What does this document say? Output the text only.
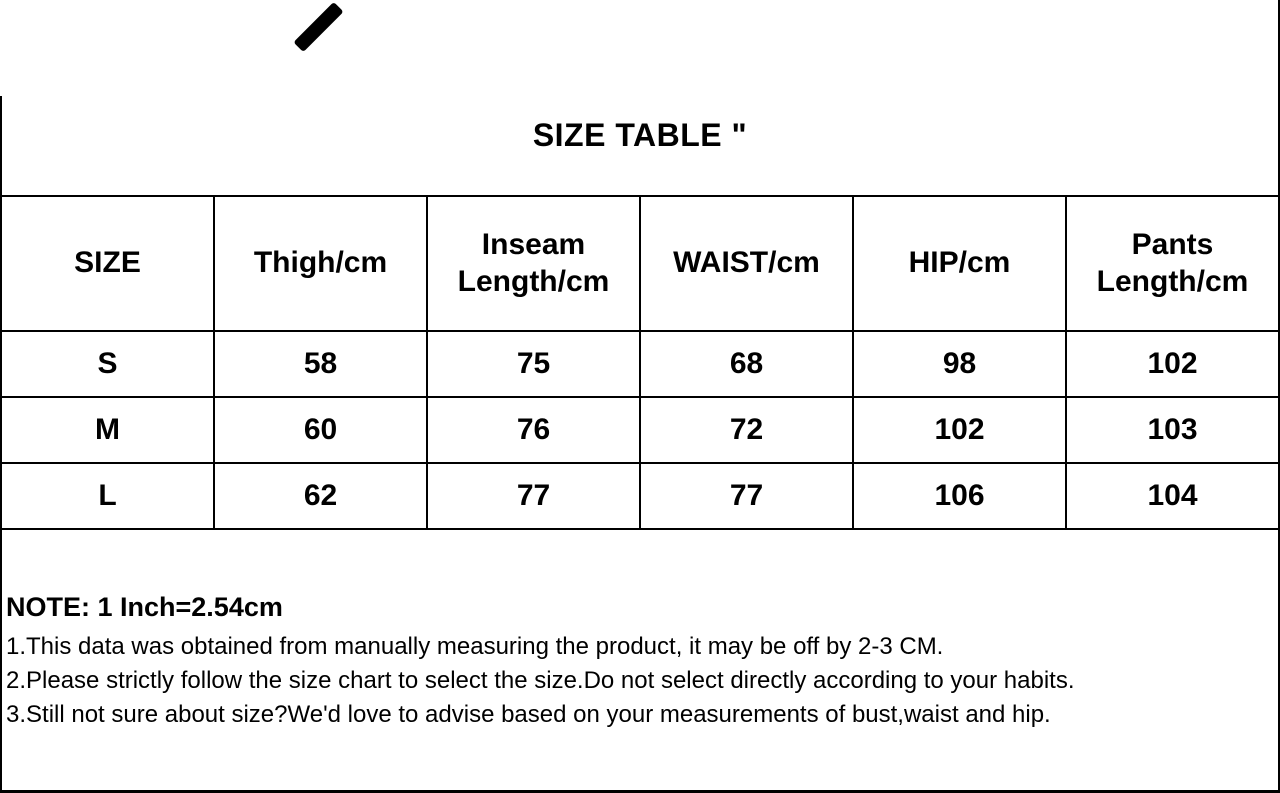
SIZE TABLE "
SIZE	Thigh/cm	Inseam Length/cm	WAIST/cm	HIP/cm	Pants Length/cm
S	58	75	68	98	102
M	60	76	72	102	103
L	62	77	77	106	104

NOTE: 1 Inch=2.54cm

1.This data was obtained from manually measuring the product, it may be off by 2-3 CM.

2.Please strictly follow the size chart to select the size.Do not select directly according to your habits.

3.Still not sure about size?We'd love to advise based on your measurements of bust,waist and hip.
